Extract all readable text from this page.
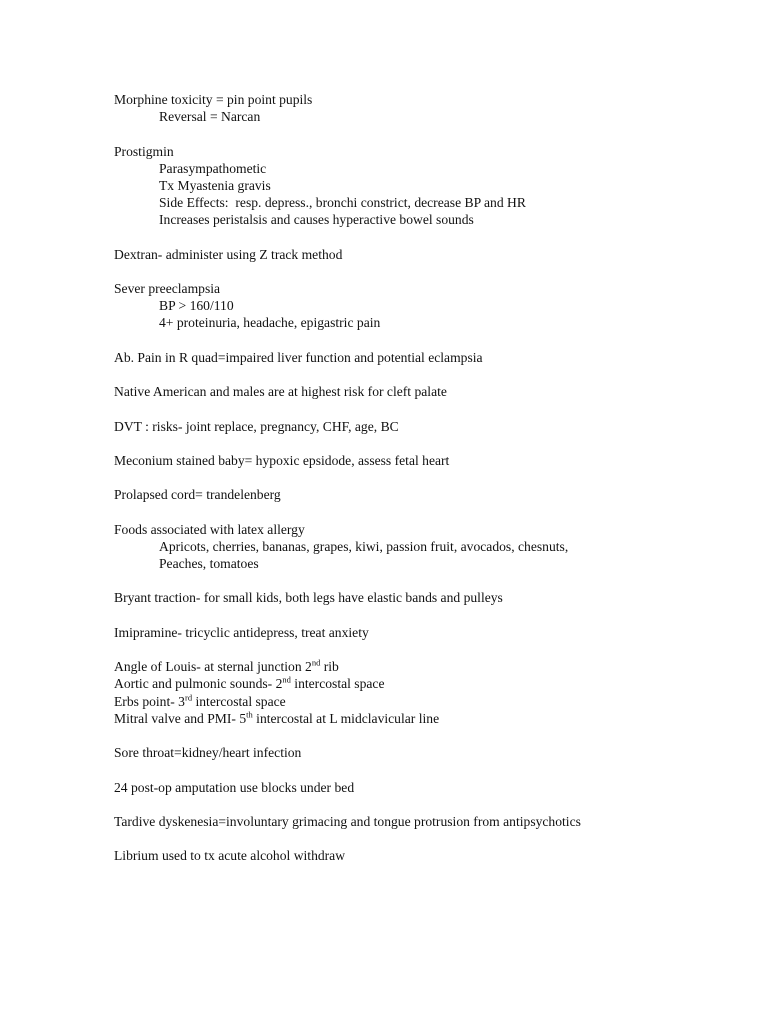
Morphine toxicity = pin point pupils
Reversal = Narcan
Prostigmin
Parasympathometic
Tx Myastenia gravis
Side Effects:  resp. depress., bronchi constrict, decrease BP and HR
Increases peristalsis and causes hyperactive bowel sounds
Dextran- administer using Z track method
Sever preeclampsia
BP > 160/110
4+ proteinuria, headache, epigastric pain
Ab. Pain in R quad=impaired liver function and potential eclampsia
Native American and males are at highest risk for cleft palate
DVT : risks- joint replace, pregnancy, CHF, age, BC
Meconium stained baby= hypoxic epsidode, assess fetal heart
Prolapsed cord= trandelenberg
Foods associated with latex allergy
Apricots, cherries, bananas, grapes, kiwi, passion fruit, avocados, chesnuts,
Peaches, tomatoes
Bryant traction- for small kids, both legs have elastic bands and pulleys
Imipramine- tricyclic antidepress, treat anxiety
Angle of Louis- at sternal junction 2nd rib
Aortic and pulmonic sounds- 2nd intercostal space
Erbs point- 3rd intercostal space
Mitral valve and PMI- 5th intercostal at L midclavicular line
Sore throat=kidney/heart infection
24 post-op amputation use blocks under bed
Tardive dyskenesia=involuntary grimacing and tongue protrusion from antipsychotics
Librium used to tx acute alcohol withdraw
